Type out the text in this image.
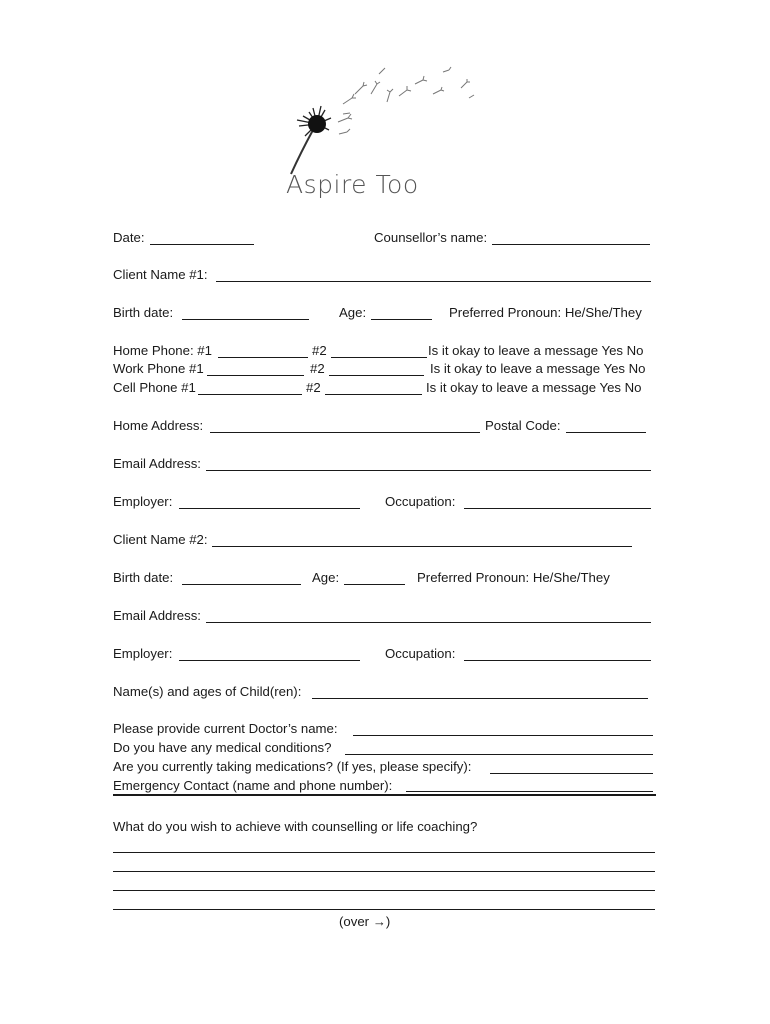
Aspire Too
Date:	Counsellor’s name:
Client Name #1:
Birth date:	Age:	Preferred Pronoun: He/She/They
Home Phone: #1	#2	Is it okay to leave a message Yes No
Work Phone #1	#2	Is it okay to leave a message Yes No
Cell Phone #1	#2	Is it okay to leave a message Yes No
Home Address:	Postal Code:
Email Address:
Employer:	Occupation:
Client Name #2:
Birth date:	Age:	Preferred Pronoun: He/She/They
Email Address:
Employer:	Occupation:
Name(s) and ages of Child(ren):
Please provide current Doctor’s name:
Do you have any medical conditions?
Are you currently taking medications? (If yes, please specify):
Emergency Contact (name and phone number):
What do you wish to achieve with counselling or life coaching?
(over →)
